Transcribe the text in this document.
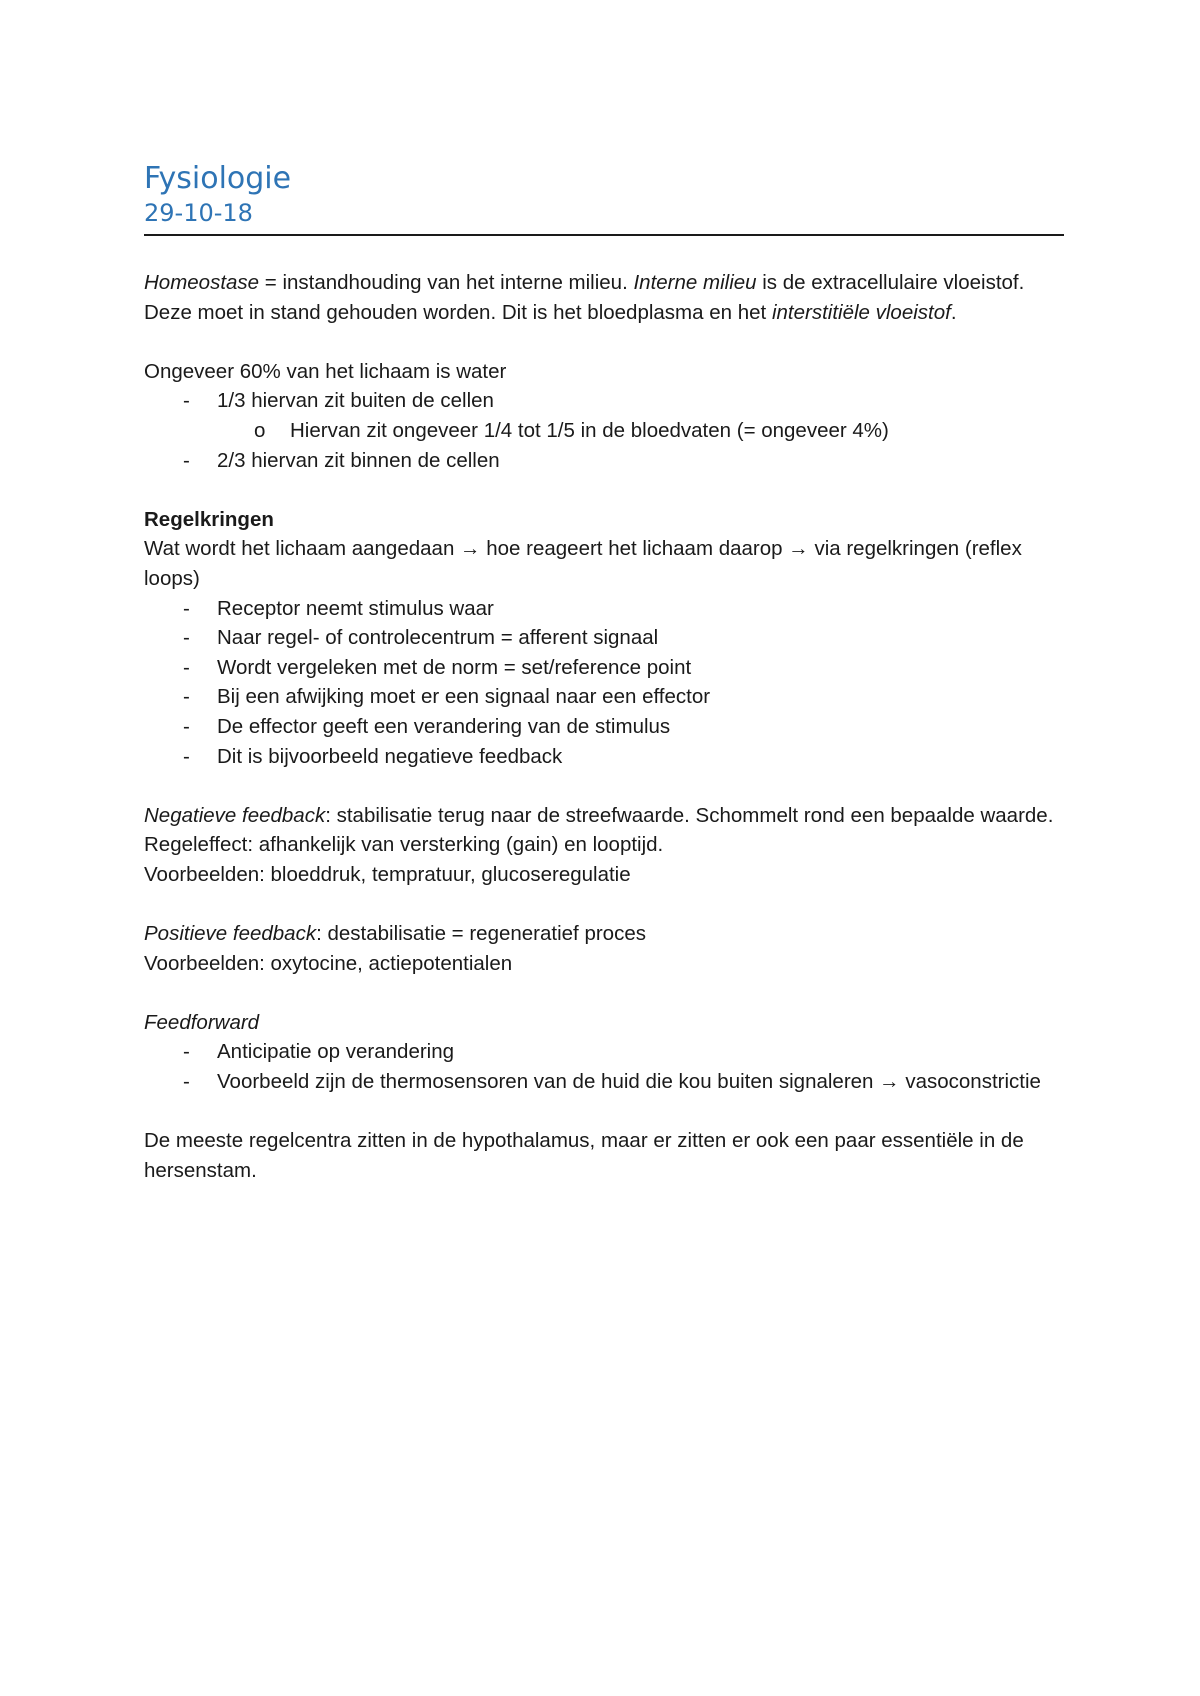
Fysiologie
29-10-18

Homeostase = instandhouding van het interne milieu. Interne milieu is de extracellulaire vloeistof. Deze moet in stand gehouden worden. Dit is het bloedplasma en het interstitiële vloeistof.

Ongeveer 60% van het lichaam is water

- 1/3 hiervan zit buiten de cellen
o Hiervan zit ongeveer 1/4 tot 1/5 in de bloedvaten (= ongeveer 4%)
- 2/3 hiervan zit binnen de cellen
Regelkringen

Wat wordt het lichaam aangedaan → hoe reageert het lichaam daarop → via regelkringen (reflex loops)

- Receptor neemt stimulus waar
- Naar regel- of controlecentrum = afferent signaal
- Wordt vergeleken met de norm = set/reference point
- Bij een afwijking moet er een signaal naar een effector
- De effector geeft een verandering van de stimulus
- Dit is bijvoorbeeld negatieve feedback

Negatieve feedback: stabilisatie terug naar de streefwaarde. Schommelt rond een bepaalde waarde.

Regeleffect: afhankelijk van versterking (gain) en looptijd.

Voorbeelden: bloeddruk, tempratuur, glucoseregulatie

Positieve feedback: destabilisatie = regeneratief proces

Voorbeelden: oxytocine, actiepotentialen

Feedforward

- Anticipatie op verandering
- Voorbeeld zijn de thermosensoren van de huid die kou buiten signaleren → vasoconstrictie

De meeste regelcentra zitten in de hypothalamus, maar er zitten er ook een paar essentiële in de hersenstam.
